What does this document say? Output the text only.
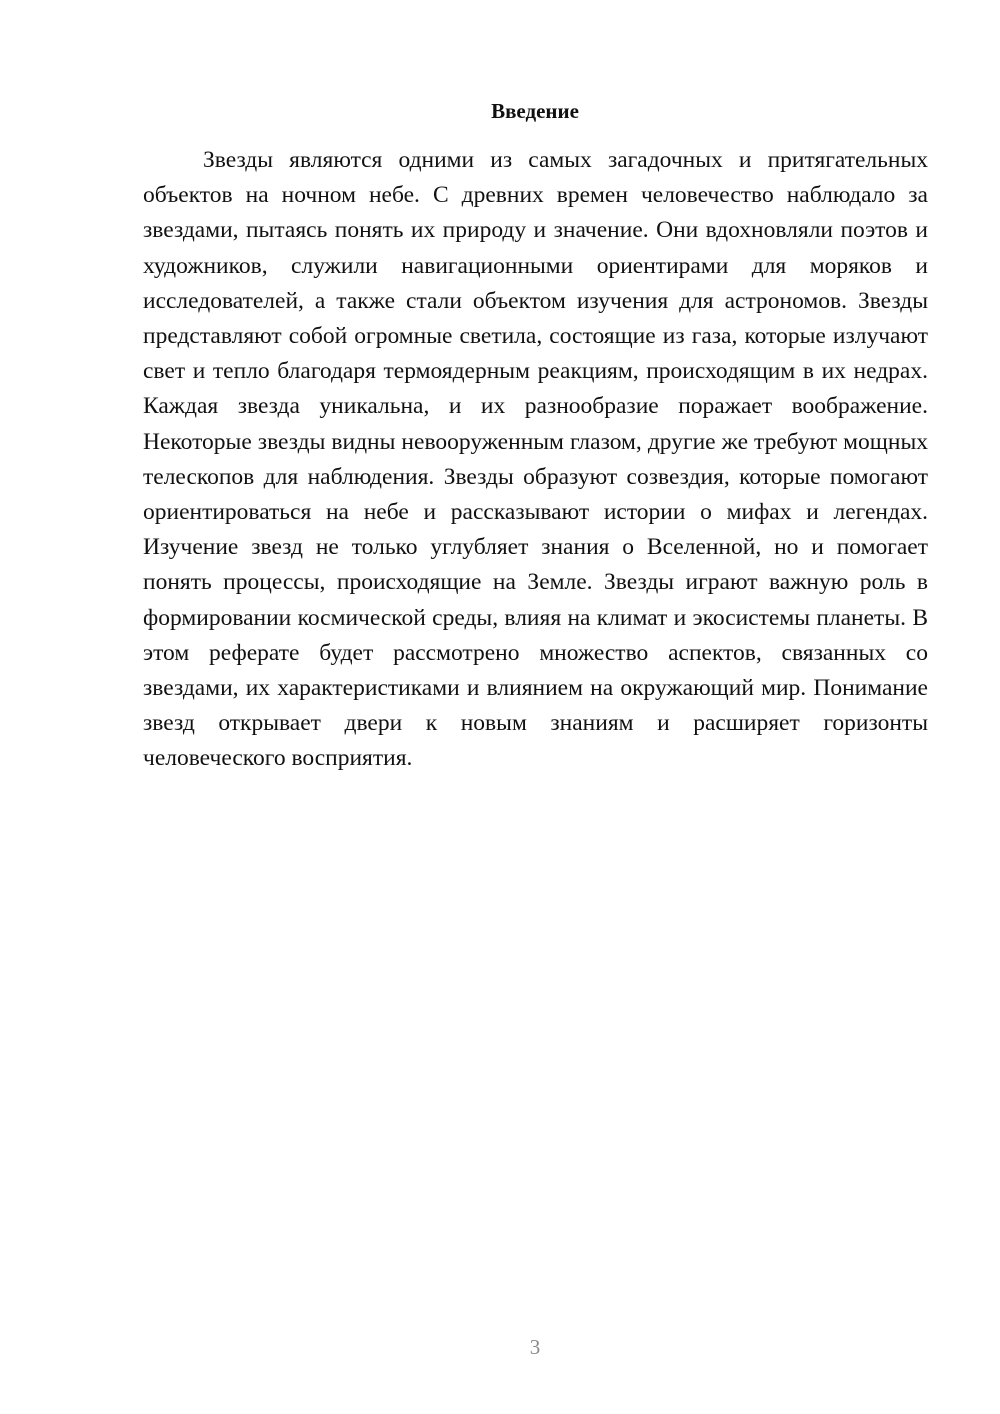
Введение

Звезды являются одними из самых загадочных и притягательных объектов на ночном небе. С древних времен человечество наблюдало за звездами, пытаясь понять их природу и значение. Они вдохновляли поэтов и художников, служили навигационными ориентирами для моряков и исследователей, а также стали объектом изучения для астрономов. Звезды представляют собой огромные светила, состоящие из газа, которые излучают свет и тепло благодаря термоядерным реакциям, происходящим в их недрах. Каждая звезда уникальна, и их разнообразие поражает воображение. Некоторые звезды видны невооруженным глазом, другие же требуют мощных телескопов для наблюдения. Звезды образуют созвездия, которые помогают ориентироваться на небе и рассказывают истории о мифах и легендах. Изучение звезд не только углубляет знания о Вселенной, но и помогает понять процессы, происходящие на Земле. Звезды играют важную роль в формировании космической среды, влияя на климат и экосистемы планеты. В этом реферате будет рассмотрено множество аспектов, связанных со звездами, их характеристиками и влиянием на окружающий мир. Понимание звезд открывает двери к новым знаниям и расширяет горизонты человеческого восприятия.

3
